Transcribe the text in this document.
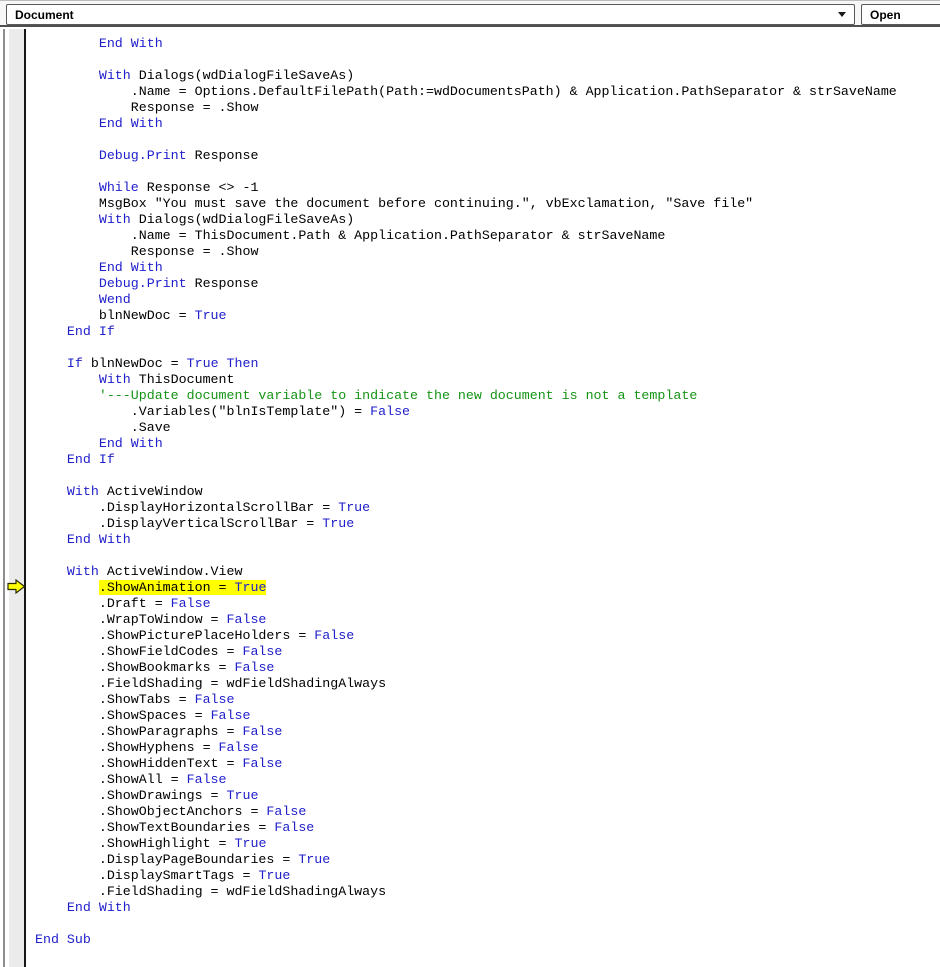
Document	Open
End With
With Dialogs(wdDialogFileSaveAs)
.Name = Options.DefaultFilePath(Path:=wdDocumentsPath) & Application.PathSeparator & strSaveName
Response = .Show
End With
Debug.Print Response
While Response <> -1
MsgBox "You must save the document before continuing.", vbExclamation, "Save file"
With Dialogs(wdDialogFileSaveAs)
.Name = ThisDocument.Path & Application.PathSeparator & strSaveName
Response = .Show
End With
Debug.Print Response
Wend
blnNewDoc = True
End If
If blnNewDoc = True Then
With ThisDocument
'---Update document variable to indicate the new document is not a template
.Variables("blnIsTemplate") = False
.Save
End With
End If
With ActiveWindow
.DisplayHorizontalScrollBar = True
.DisplayVerticalScrollBar = True
End With
With ActiveWindow.View
.ShowAnimation = True
.Draft = False
.WrapToWindow = False
.ShowPicturePlaceHolders = False
.ShowFieldCodes = False
.ShowBookmarks = False
.FieldShading = wdFieldShadingAlways
.ShowTabs = False
.ShowSpaces = False
.ShowParagraphs = False
.ShowHyphens = False
.ShowHiddenText = False
.ShowAll = False
.ShowDrawings = True
.ShowObjectAnchors = False
.ShowTextBoundaries = False
.ShowHighlight = True
.DisplayPageBoundaries = True
.DisplaySmartTags = True
.FieldShading = wdFieldShadingAlways
End With
End Sub
